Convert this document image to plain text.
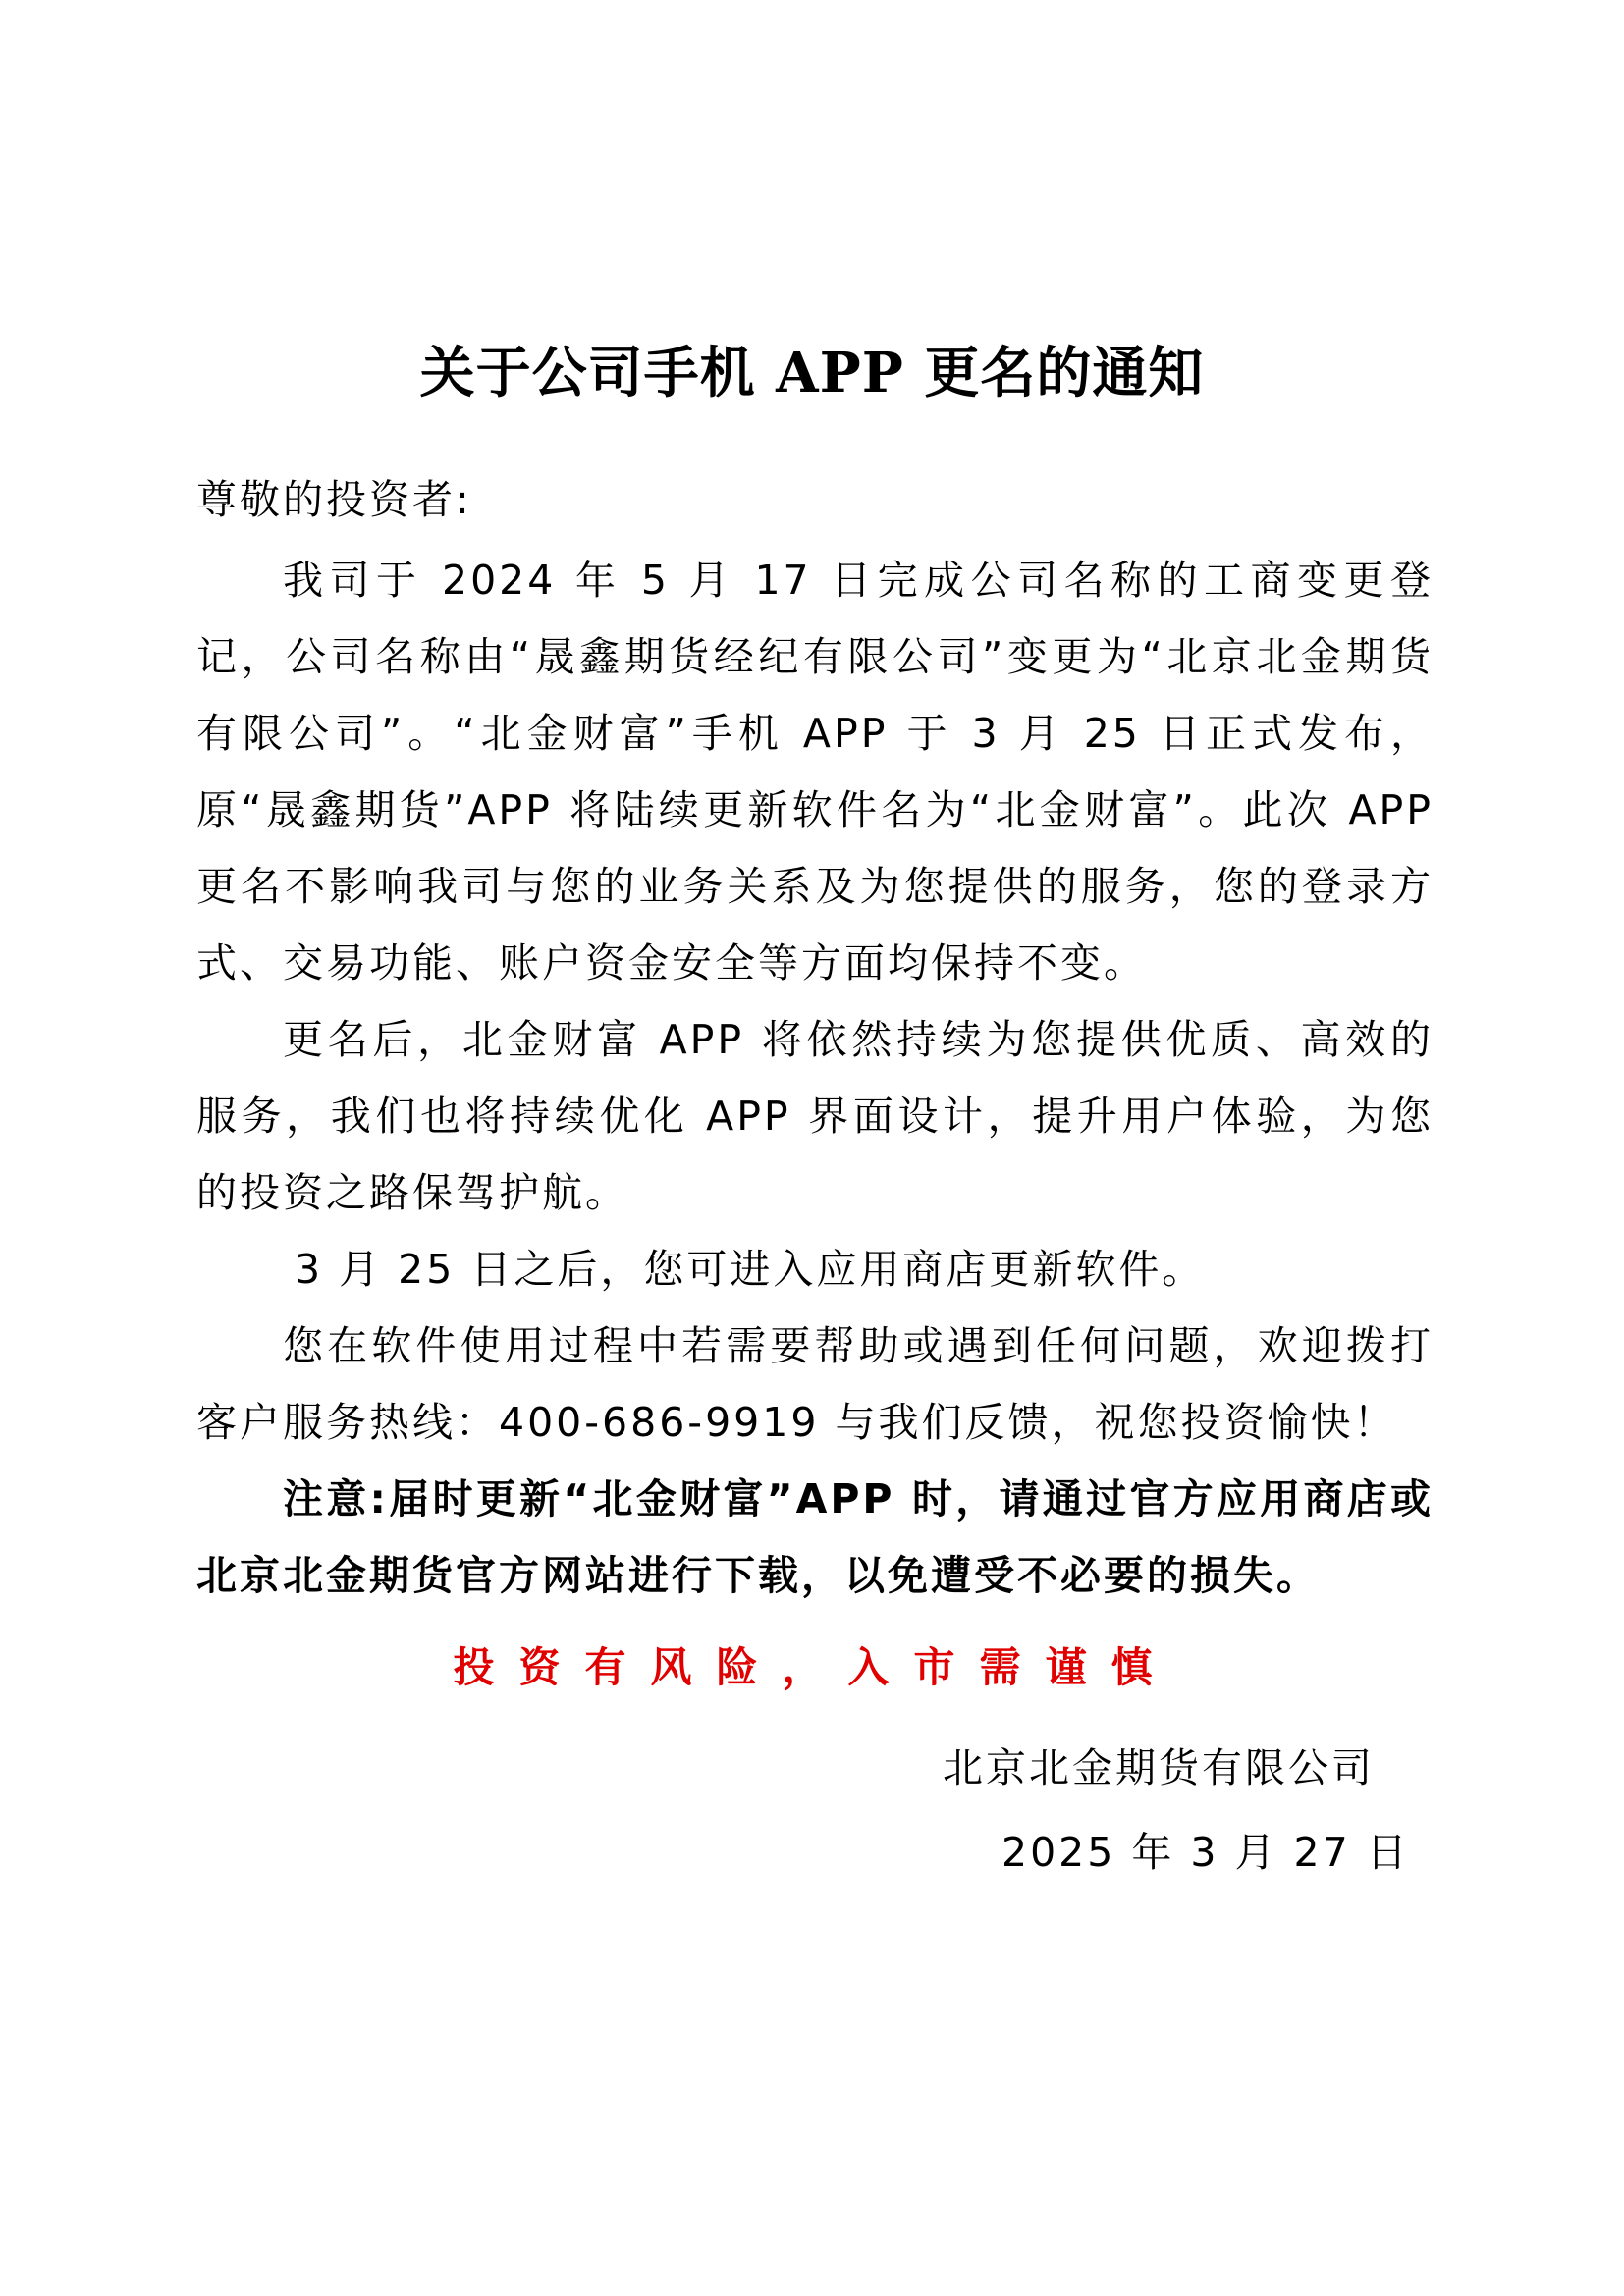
关于公司手机 APP 更名的通知

尊敬的投资者:

我司于 2024 年 5 月 17 日完成公司名称的工商变更登记，公司名称由“晟鑫期货经纪有限公司”变更为“北京北金期货有限公司”。“北金财富”手机 APP 于 3 月 25 日正式发布，原“晟鑫期货”APP 将陆续更新软件名为“北金财富”。此次 APP 更名不影响我司与您的业务关系及为您提供的服务，您的登录方式、交易功能、账户资金安全等方面均保持不变。

更名后，北金财富 APP 将依然持续为您提供优质、高效的服务，我们也将持续优化 APP 界面设计，提升用户体验，为您的投资之路保驾护航。

3 月 25 日之后，您可进入应用商店更新软件。

您在软件使用过程中若需要帮助或遇到任何问题，欢迎拨打客户服务热线：400-686-9919 与我们反馈，祝您投资愉快！

注意:届时更新“北金财富”APP 时，请通过官方应用商店或北京北金期货官方网站进行下载，以免遭受不必要的损失。

投资有风险，入市需谨慎

北京北金期货有限公司
2025 年 3 月 27 日
